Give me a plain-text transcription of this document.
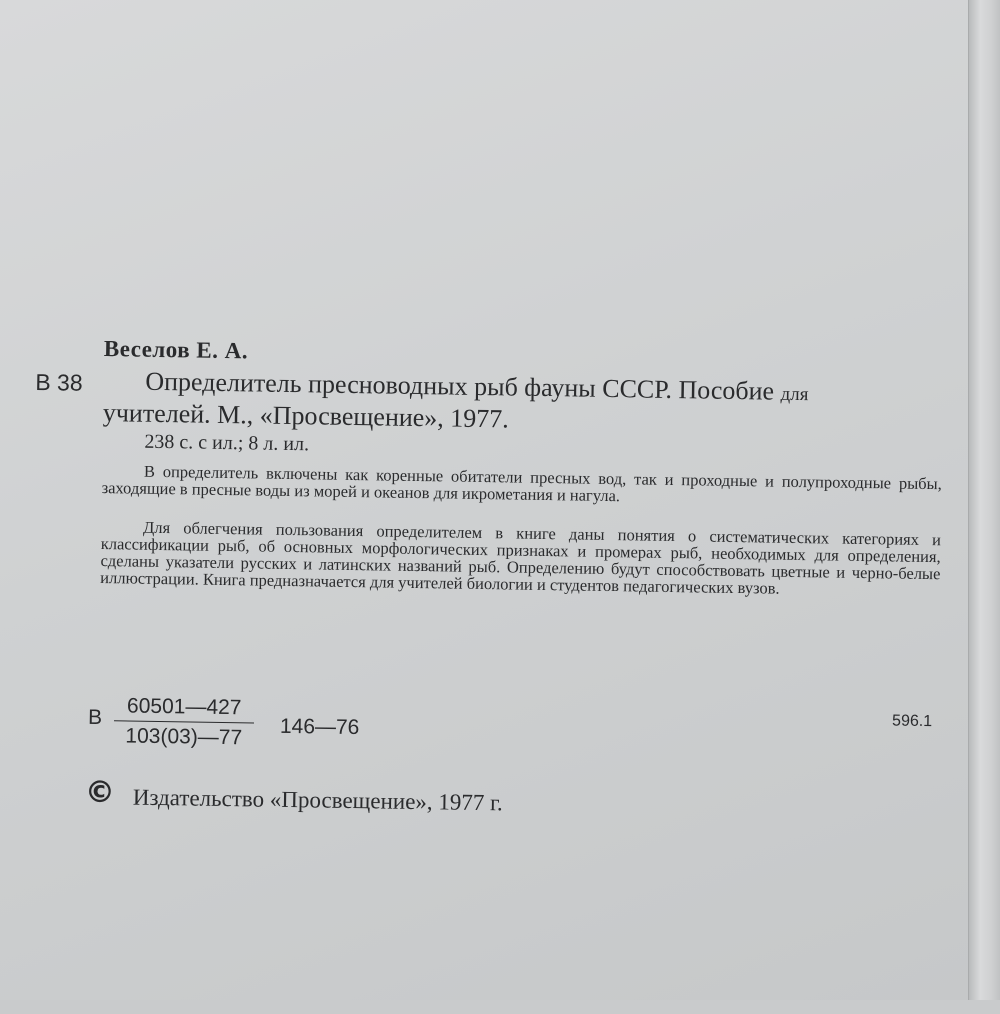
Веселов Е. А.

В 38 Определитель пресноводных рыб фауны СССР. Пособие для

учителей. М., «Просвещение», 1977.

238 с. с ил.; 8 л. ил.

В определитель включены как коренные обитатели пресных вод, так и проходные и полупроходные рыбы, заходящие в пресные воды из морей и океанов для икрометания и нагула.

Для облегчения пользования определителем в книге даны понятия о систематических категориях и классификации рыб, об основных морфологических признаках и промерах рыб, необходимых для определения, сделаны указатели русских и латинских названий рыб. Определению будут способствовать цветные и черно-белые иллюстрации. Книга предназначается для учителей биологии и студентов педагогических вузов.

В $\frac{60501—427}{103(03)—77}$ 146—76	596.1

© Издательство «Просвещение», 1977 г.
